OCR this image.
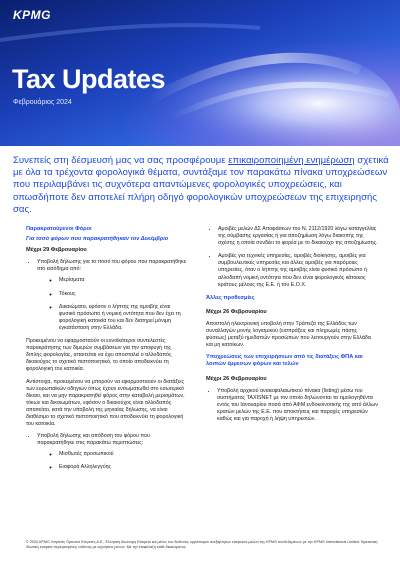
KPMG
Tax Updates
Φεβρουάριος 2024
Συνεπείς στη δέσμευσή μας να σας προσφέρουμε επικαιροποιημένη ενημέρωση σχετικά με όλα τα τρέχοντα φορολογικά θέματα, συντάξαμε τον παρακάτω πίνακα υποχρεώσεων που περιλαμβάνει τις συχνότερα απαντώμενες φορολογικές υποχρεώσεις, και οπωσδήποτε δεν αποτελεί πλήρη οδηγό φορολογικών υποχρεώσεων της επιχειρησής σας.
Παρακρατούμενοι Φόροι
Για τσσό φόρων που παρακρατήθηκαν τον Δεκέμβριο
Μέχρι 29 Φεβρουαρίου
• Υποβολή δήλωσης για το ποσό του φόρου που παρακρατήθηκε στο εισόδημα από:
◦ Μερίσματα
◦ Τόκους
◦ Δικαιώματα, εφόσον ο λήπτης της αμοιβής είναι φυσικό πρόσωπο ή νομική οντότητα που δεν έχει τη φορολογική κατοικία του και δεν διατηρεί μόνιμη εγκατάσταση στην Ελλάδα.

Προκειμένου να εφαρμοσταούν οι ευνοϊκότεροι συντελεστές παρακράτησης των διμερών συμβάσεων για την αποφυγή της διπλής φορολογίας, απαιτείται να έχει αποσταλεί ο αλλοδαπός δικαιούχος το σχετικό πιστοποιητικό, το οποίο αποδεικνύει τη φορολογική του κατοικία.

Αντίστοιχα, προκειμένου να μπορούν να εφαρμοσταούν οι διατάξεις των ευρωπαϊκών οδηγιών όπως έχουν ενσωματωθεί στο εσωτερικό δίκαιο, και να μην παρακρατηθεί φόρος στην καταβολή μερισμάτων, τόκων και δικαιωμάτων, εφόσον ο δικαιούχος είναι αλλοδαπός απαιτείται, κατά την υποβολή της μηνιαίας δήλωσης, να είναι διαθέσιμο το σχετικό πιστοποιητικό που αποδεικνύει τη φορολογική του κατοικία.

• Υποβολή δήλωσης και απόδοση του φόρου που παρακρατήθηκε στις παρακάτω περιπτώσεις:
◦ Μισθωτές προσωπικού
◦ Εισφορά Αλληλεγγύης
• Αμοιβές μελών ΔΣ Αποφάσεων του Ν. 2112/1920 λόγω καταγγελίας της σύμβασης εργασίας ή για αποζημίωση λόγω διακοπής της σχέσης η οποία συνδέει το φορέα με το δικαιούχο της αποζημίωσης.
• Αμοιβές για τεχνικές υπηρεσίες, αμοιβές διοίκησης, αμοιβές για συμβουλευτικές υπηρεσίες και άλλες αμοιβές για παρόμοιες υπηρεσίες, όταν ο λήπτης της αμοιβής είναι φυσικό πρόσωπο ή αλλοδαπή νομική οντότητα που δεν είναι φορολογικός κάτοικος κράτους μέλους της Ε.Ε. ή του Ε.Ο.Χ.
Άλλες προθεσμίες
Μέχρι 26 Φεβρουαρίου

Αποστολή ηλεκτρονική υποβολή στην Τράπεζα της Ελλάδος των συναλλαγών μονής λογισμικού (εισπράξεις και πληρωμές πάσης φύσεως) μεταξύ ημεδαπών προσώπων που λειτουργούν στην Ελλάδα και μη κατοίκων.

Υποχρεώσεις των επιχειρήσεων από τις διατάξεις ΦΠΑ και λοιπών έμμεσων φόρων και τελών
Μέχρι 26 Φεβρουαρίου
• Υποβολή αρχικού ανακεφαλαιωτικού πίνακα (listing) μέσω του συστήματος TAXISNET με τον οποίο δηλώνονται τα τιμολογηθέντα εντός του Ιανουαρίου ποσά από ΑΦΜ ενδοκοινοτικής της από άλλων κρατών μελών της Ε.Ε. που αποκτήσεις και παροχές υπηρεσιών καθώς και για παροχή ή λήψη υπηρεσιών.
© 2024 KPMG Λογιστές Ορκωτοί Ελεγκτές Α.Ε., Ελληνική Ανώνυμη Εταιρεία και μέλος του διεθνούς οργανισμού ανεξάρτητων εταιρειών-μελών της KPMG συνδεδεμένων με την KPMG International Limited. Βρετανική ιδιωτική εταιρεία περιορισμένης ευθύνης με εγγυήσεις μελών. Με την επιφύλαξη κάθε δικαιώματος.
